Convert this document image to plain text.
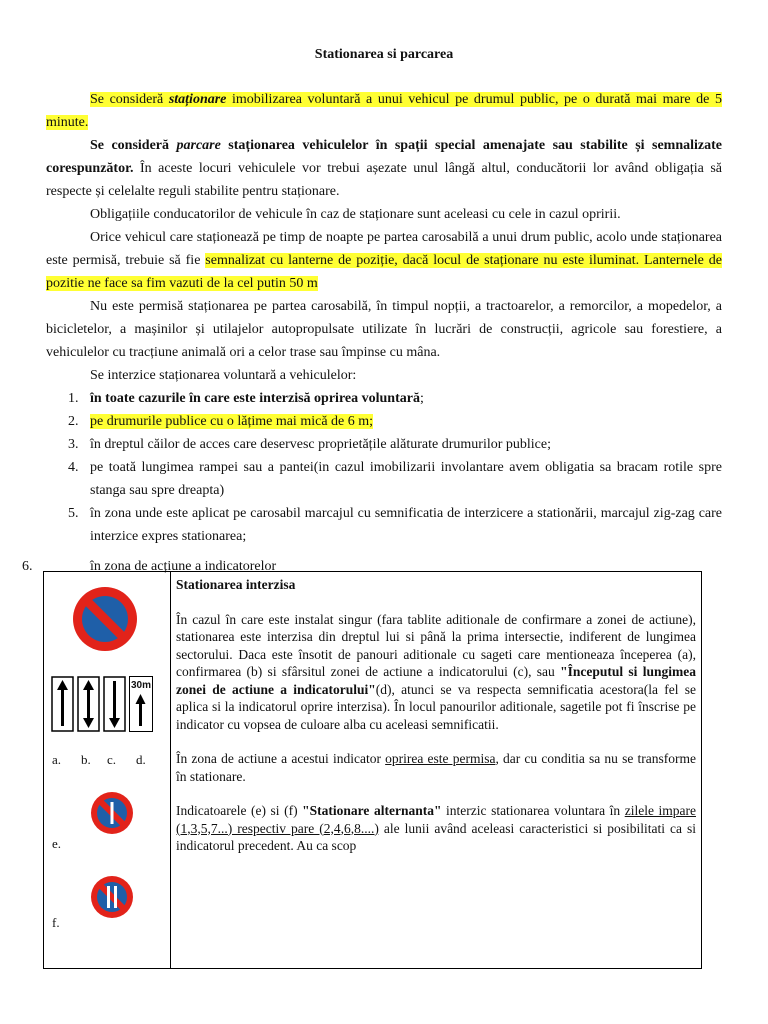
Stationarea si parcarea

Se consideră staționare imobilizarea voluntară a unui vehicul pe drumul public, pe o durată mai mare de 5 minute.

Se consideră parcare staționarea vehiculelor în spații special amenajate sau stabilite și semnalizate corespunzător. În aceste locuri vehiculele vor trebui așezate unul lângă altul, conducătorii lor având obligația să respecte și celelalte reguli stabilite pentru staționare.

Obligațiile conducatorilor de vehicule în caz de staționare sunt aceleasi cu cele in cazul opririi.

Orice vehicul care staționează pe timp de noapte pe partea carosabilă a unui drum public, acolo unde staționarea este permisă, trebuie să fie semnalizat cu lanterne de poziție, dacă locul de staționare nu este iluminat. Lanternele de pozitie ne face sa fim vazuti de la cel putin 50 m

Nu este permisă staționarea pe partea carosabilă, în timpul nopții, a tractoarelor, a remorcilor, a mopedelor, a bicicletelor, a mașinilor și utilajelor autopropulsate utilizate în lucrări de construcții, agricole sau forestiere, a vehiculelor cu tracțiune animală ori a celor trase sau împinse cu mâna.

Se interzice staționarea voluntară a vehiculelor:

1. în toate cazurile în care este interzisă oprirea voluntară;
2. pe drumurile publice cu o lățime mai mică de 6 m;
3. în dreptul căilor de acces care deservesc proprietățile alăturate drumurilor publice;
4. pe toată lungimea rampei sau a pantei(in cazul imobilizarii involantare avem obligatia sa bracam rotile spre stanga sau spre dreapta)
5. în zona unde este aplicat pe carosabil marcajul cu semnificatia de interzicere a stationării, marcajul zig-zag care interzice expres stationarea;
6.	în zona de acțiune a indicatorelor
30m
a. b. c. d.
e.
f.

Stationarea interzisa

În cazul în care este instalat singur (fara tablite aditionale de confirmare a zonei de actiune), stationarea este interzisa din dreptul lui si până la prima intersectie, indiferent de lungimea sectorului. Daca este însotit de panouri aditionale cu sageti care mentioneaza începerea (a), confirmarea (b) si sfârsitul zonei de actiune a indicatorului (c), sau "Începutul si lungimea zonei de actiune a indicatorului"(d), atunci se va respecta semnificatia acestora(la fel se aplica si la indicatorul oprire interzisa). În locul panourilor aditionale, sagetile pot fi înscrise pe indicator cu vopsea de culoare alba cu aceleasi semnificatii.

În zona de actiune a acestui indicator oprirea este permisa, dar cu conditia sa nu se transforme în stationare.

Indicatoarele (e) si (f) "Stationare alternanta" interzic stationarea voluntara în zilele impare (1,3,5,7...) respectiv pare (2,4,6,8....) ale lunii având aceleasi caracteristici si posibilitati ca si indicatorul precedent. Au ca scop
